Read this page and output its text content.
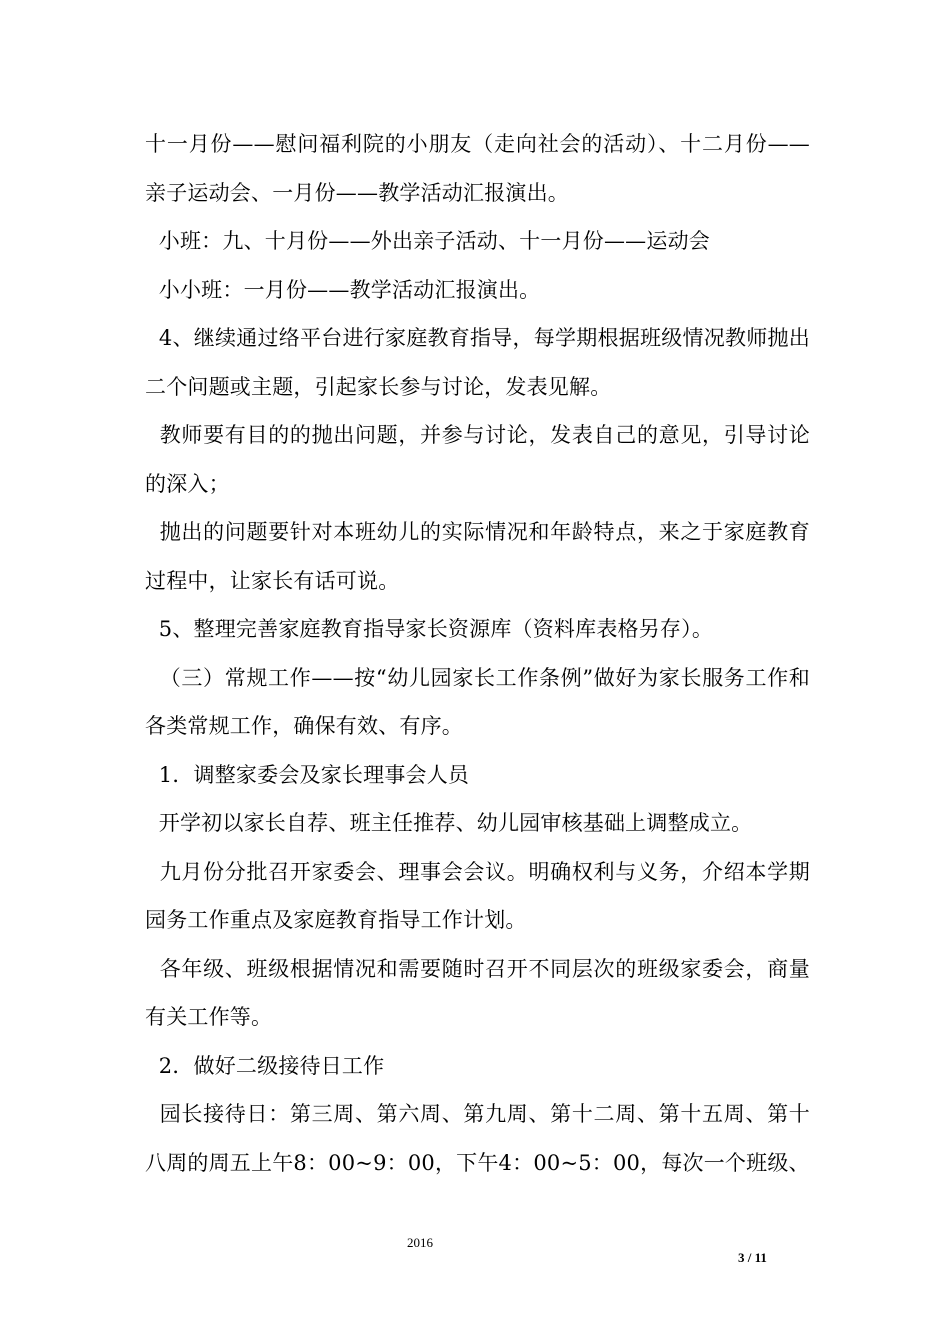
十一月份——慰问福利院的小朋友（走向社会的活动）、十二月份——亲子运动会、一月份——教学活动汇报演出。

小班：九、十月份——外出亲子活动、十一月份——运动会

小小班：一月份——教学活动汇报演出。

4、继续通过络平台进行家庭教育指导，每学期根据班级情况教师抛出二个问题或主题，引起家长参与讨论，发表见解。

教师要有目的的抛出问题，并参与讨论，发表自己的意见，引导讨论的深入；

抛出的问题要针对本班幼儿的实际情况和年龄特点，来之于家庭教育过程中，让家长有话可说。

5、整理完善家庭教育指导家长资源库（资料库表格另存）。

（三）常规工作——按“幼儿园家长工作条例”做好为家长服务工作和各类常规工作，确保有效、有序。

1．调整家委会及家长理事会人员

开学初以家长自荐、班主任推荐、幼儿园审核基础上调整成立。

九月份分批召开家委会、理事会会议。明确权利与义务，介绍本学期园务工作重点及家庭教育指导工作计划。

各年级、班级根据情况和需要随时召开不同层次的班级家委会，商量有关工作等。

2．做好二级接待日工作

园长接待日：第三周、第六周、第九周、第十二周、第十五周、第十八周的周五上午8：00~9：00，下午4：00~5：00，每次一个班级、

2016
3 / 11
